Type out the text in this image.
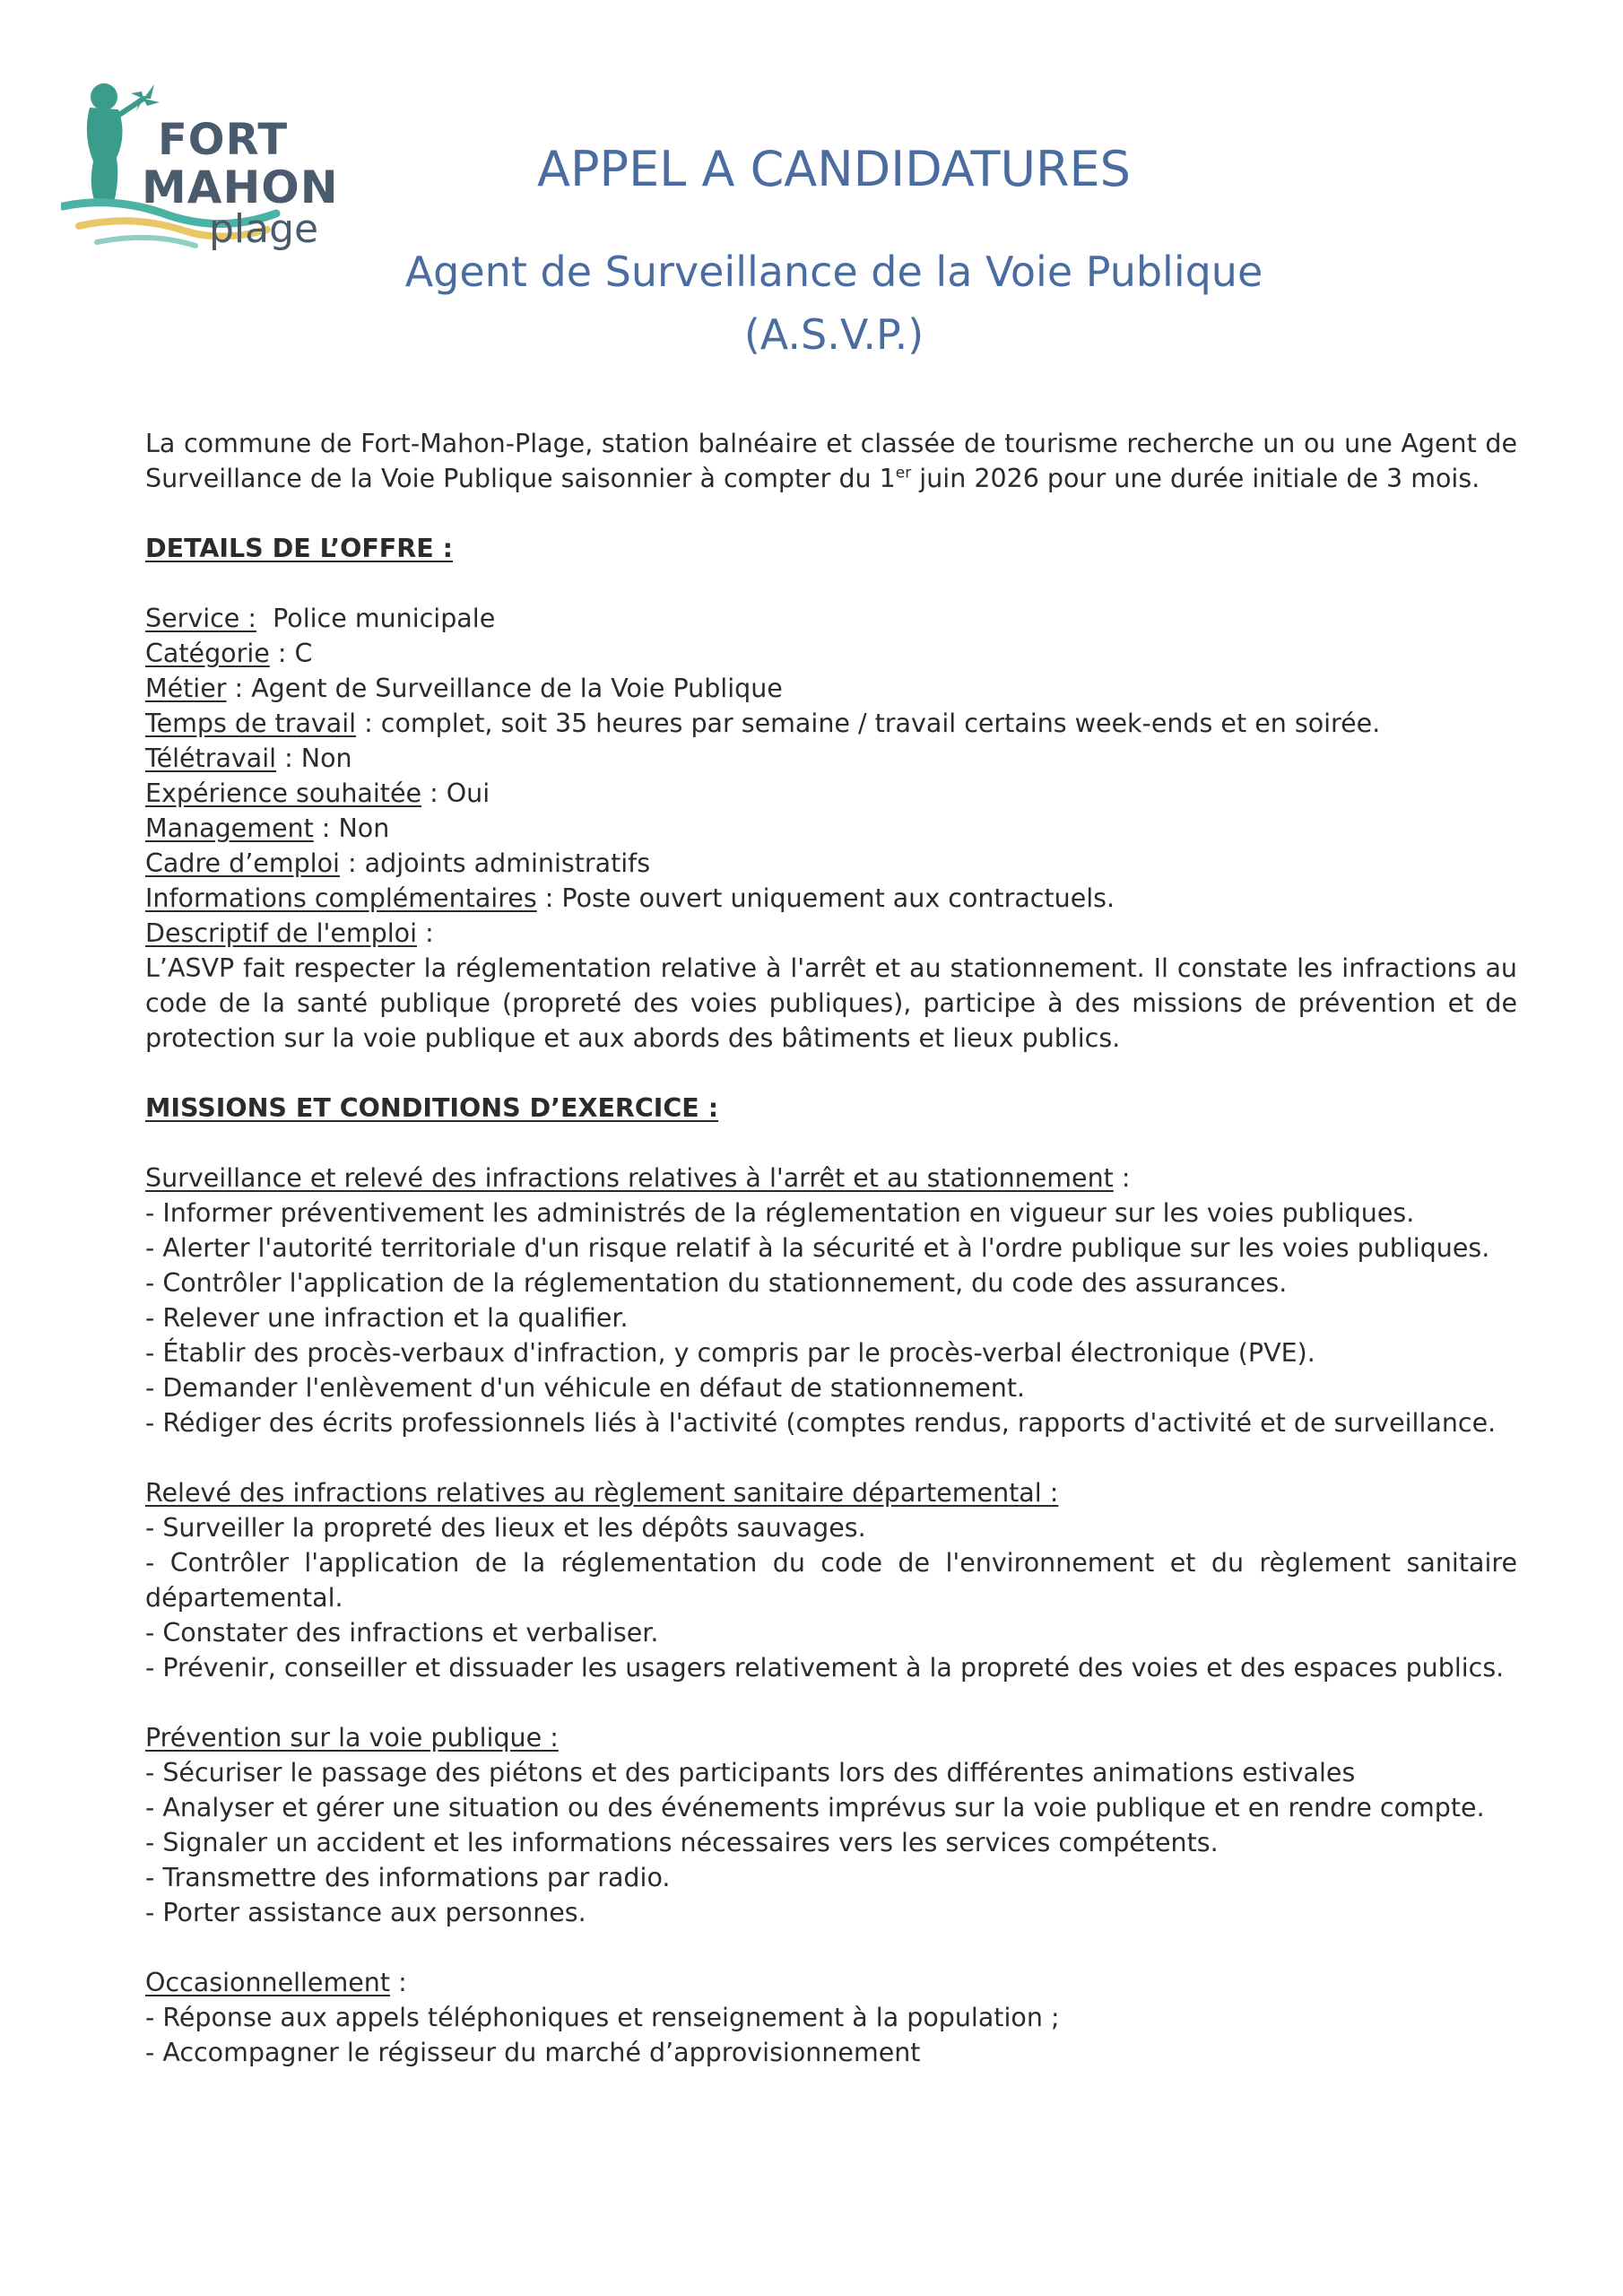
FORT
MAHON
plage
APPEL A CANDIDATURES
Agent de Surveillance de la Voie Publique
(A.S.V.P.)

La commune de Fort-Mahon-Plage, station balnéaire et classée de tourisme recherche un ou une Agent de Surveillance de la Voie Publique saisonnier à compter du 1er juin 2026 pour une durée initiale de 3 mois.

DETAILS DE L’OFFRE :

Service :  Police municipale

Catégorie : C

Métier : Agent de Surveillance de la Voie Publique

Temps de travail : complet, soit 35 heures par semaine / travail certains week-ends et en soirée.

Télétravail : Non

Expérience souhaitée : Oui

Management : Non

Cadre d’emploi : adjoints administratifs

Informations complémentaires : Poste ouvert uniquement aux contractuels.

Descriptif de l'emploi :

L’ASVP fait respecter la réglementation relative à l'arrêt et au stationnement. Il constate les infractions au code de la santé publique (propreté des voies publiques), participe à des missions de prévention et de protection sur la voie publique et aux abords des bâtiments et lieux publics.

MISSIONS ET CONDITIONS D’EXERCICE :

Surveillance et relevé des infractions relatives à l'arrêt et au stationnement :

- Informer préventivement les administrés de la réglementation en vigueur sur les voies publiques.

- Alerter l'autorité territoriale d'un risque relatif à la sécurité et à l'ordre publique sur les voies publiques.

- Contrôler l'application de la réglementation du stationnement, du code des assurances.

- Relever une infraction et la qualifier.

- Établir des procès-verbaux d'infraction, y compris par le procès-verbal électronique (PVE).

- Demander l'enlèvement d'un véhicule en défaut de stationnement.

- Rédiger des écrits professionnels liés à l'activité (comptes rendus, rapports d'activité et de surveillance.

Relevé des infractions relatives au règlement sanitaire départemental :

- Surveiller la propreté des lieux et les dépôts sauvages.

- Contrôler l'application de la réglementation du code de l'environnement et du règlement sanitaire départemental.

- Constater des infractions et verbaliser.

- Prévenir, conseiller et dissuader les usagers relativement à la propreté des voies et des espaces publics.

Prévention sur la voie publique :

- Sécuriser le passage des piétons et des participants lors des différentes animations estivales

- Analyser et gérer une situation ou des événements imprévus sur la voie publique et en rendre compte.

- Signaler un accident et les informations nécessaires vers les services compétents.

- Transmettre des informations par radio.

- Porter assistance aux personnes.

Occasionnellement :

- Réponse aux appels téléphoniques et renseignement à la population ;

- Accompagner le régisseur du marché d’approvisionnement
